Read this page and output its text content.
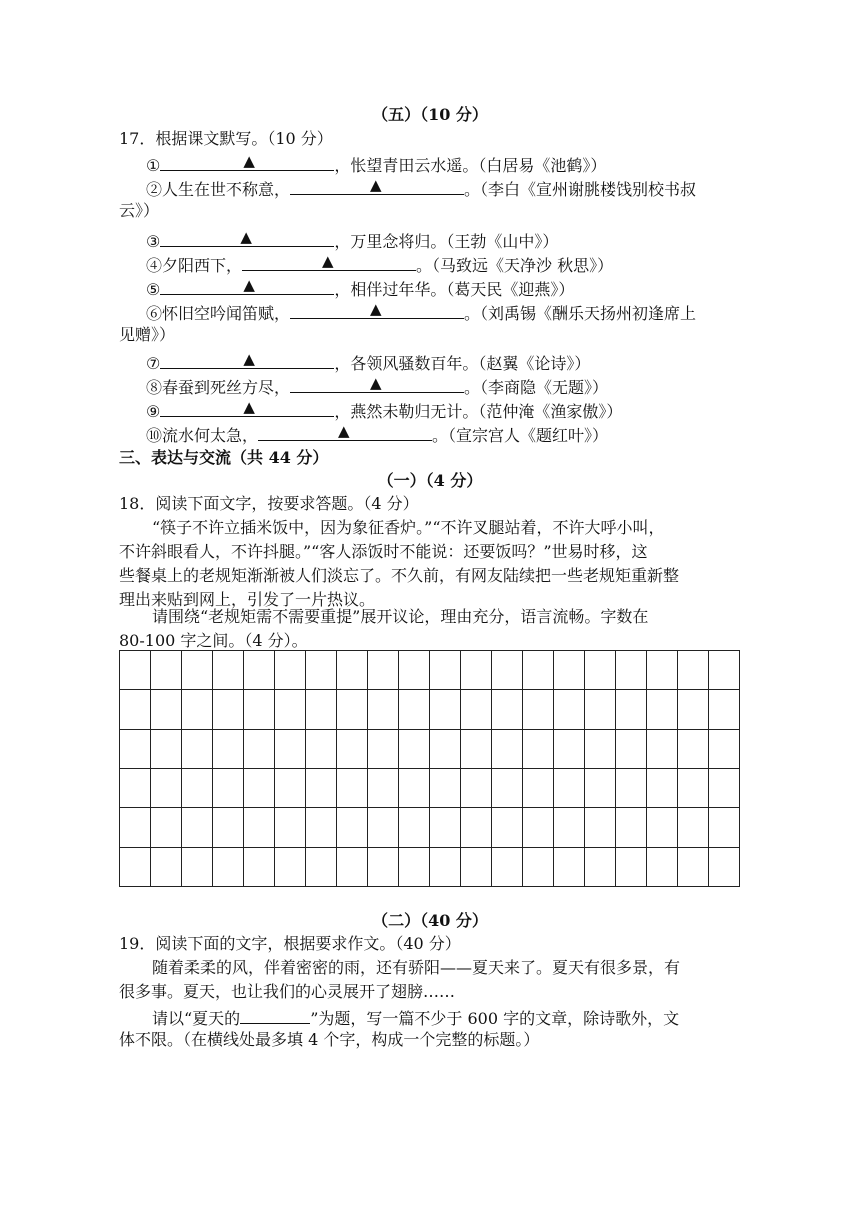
（五）（10 分）
17．根据课文默写。（10 分）
①	▲	，怅望青田云水遥。（白居易《池鹤》）
②人生在世不称意，	▲	。（李白《宣州谢朓楼饯别校书叔
云》）
③	▲	，万里念将归。（王勃《山中》）
④夕阳西下，	▲	。（马致远《天净沙 秋思》）
⑤	▲	，相伴过年华。（葛天民《迎燕》）
⑥怀旧空吟闻笛赋，	▲	。（刘禹锡《酬乐天扬州初逢席上
见赠》）
⑦	▲	，各领风骚数百年。（赵翼《论诗》）
⑧春蚕到死丝方尽，	▲	。（李商隐《无题》）
⑨	▲	，燕然未勒归无计。（范仲淹《渔家傲》）
⑩流水何太急，	▲	。（宣宗宫人《题红叶》）
三、表达与交流（共 44 分）
（一）（4 分）
18．阅读下面文字，按要求答题。（4 分）
“筷子不许立插米饭中，因为象征香炉。”“不许叉腿站着，不许大呼小叫，
不许斜眼看人，不许抖腿。”“客人添饭时不能说：还要饭吗？”世易时移，这
些餐桌上的老规矩渐渐被人们淡忘了。不久前，有网友陆续把一些老规矩重新整
理出来贴到网上，引发了一片热议。
请围绕“老规矩需不需要重提”展开议论，理由充分，语言流畅。字数在
80-100 字之间。（4 分）。
（二）（40 分）
19．阅读下面的文字，根据要求作文。（40 分）
随着柔柔的风，伴着密密的雨，还有骄阳——夏天来了。夏天有很多景，有
很多事。夏天，也让我们的心灵展开了翅膀……
请以“夏天的	”为题，写一篇不少于 600 字的文章，除诗歌外，文
体不限。（在横线处最多填 4 个字，构成一个完整的标题。）
